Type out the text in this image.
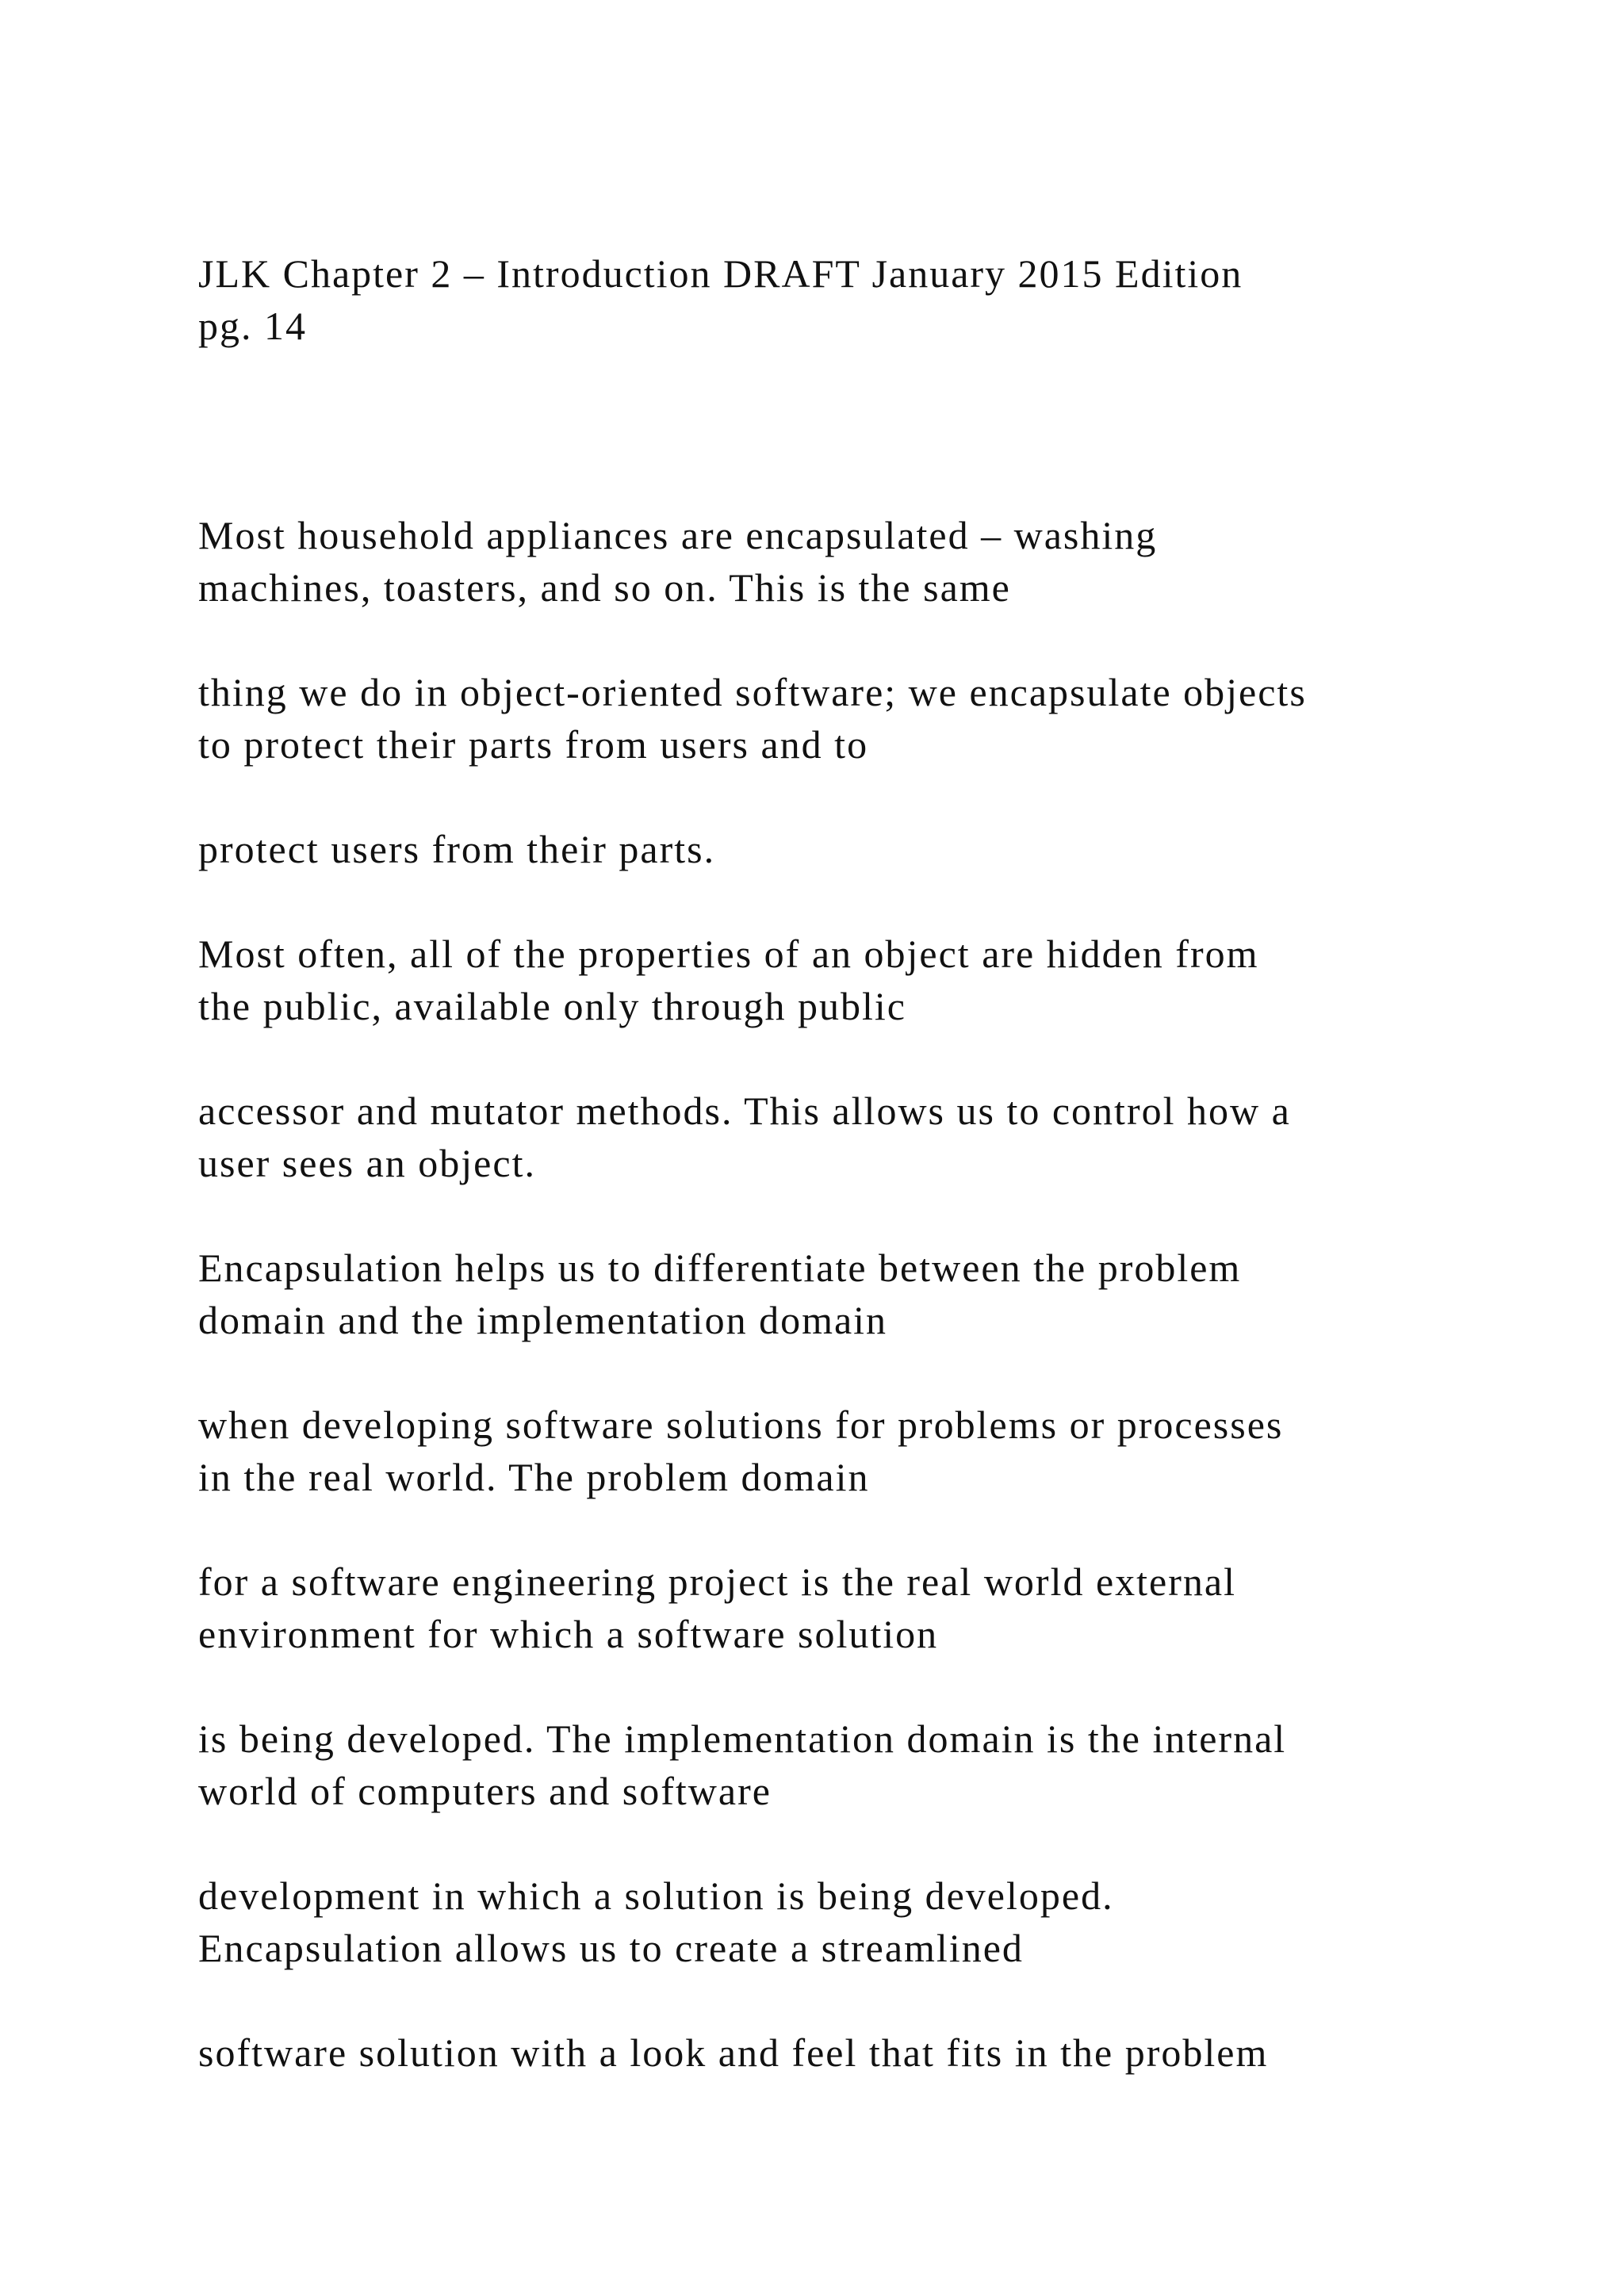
JLK Chapter 2 – Introduction DRAFT January 2015 Edition
pg. 14
Most household appliances are encapsulated – washing
machines, toasters, and so on. This is the same
thing we do in object-oriented software; we encapsulate objects
to protect their parts from users and to
protect users from their parts.
Most often, all of the properties of an object are hidden from
the public, available only through public
accessor and mutator methods. This allows us to control how a
user sees an object.
Encapsulation helps us to differentiate between the problem
domain and the implementation domain
when developing software solutions for problems or processes
in the real world. The problem domain
for a software engineering project is the real world external
environment for which a software solution
is being developed. The implementation domain is the internal
world of computers and software
development in which a solution is being developed.
Encapsulation allows us to create a streamlined
software solution with a look and feel that fits in the problem
